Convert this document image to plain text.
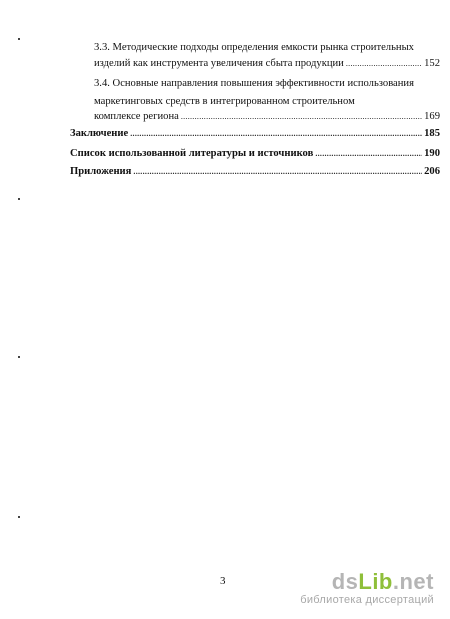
3.3. Методические подходы определения емкости рынка строительных
изделий как инструмента увеличения сбыта продукции .....	152
3.4. Основные направления повышения эффективности использования
маркетинговых средств в интегрированном строительном
комплексе региона .....	169
Заключение .....	185
Список использованной литературы и источников .....	190
Приложения .....	206
3	dsLib.net
библиотека диссертаций
